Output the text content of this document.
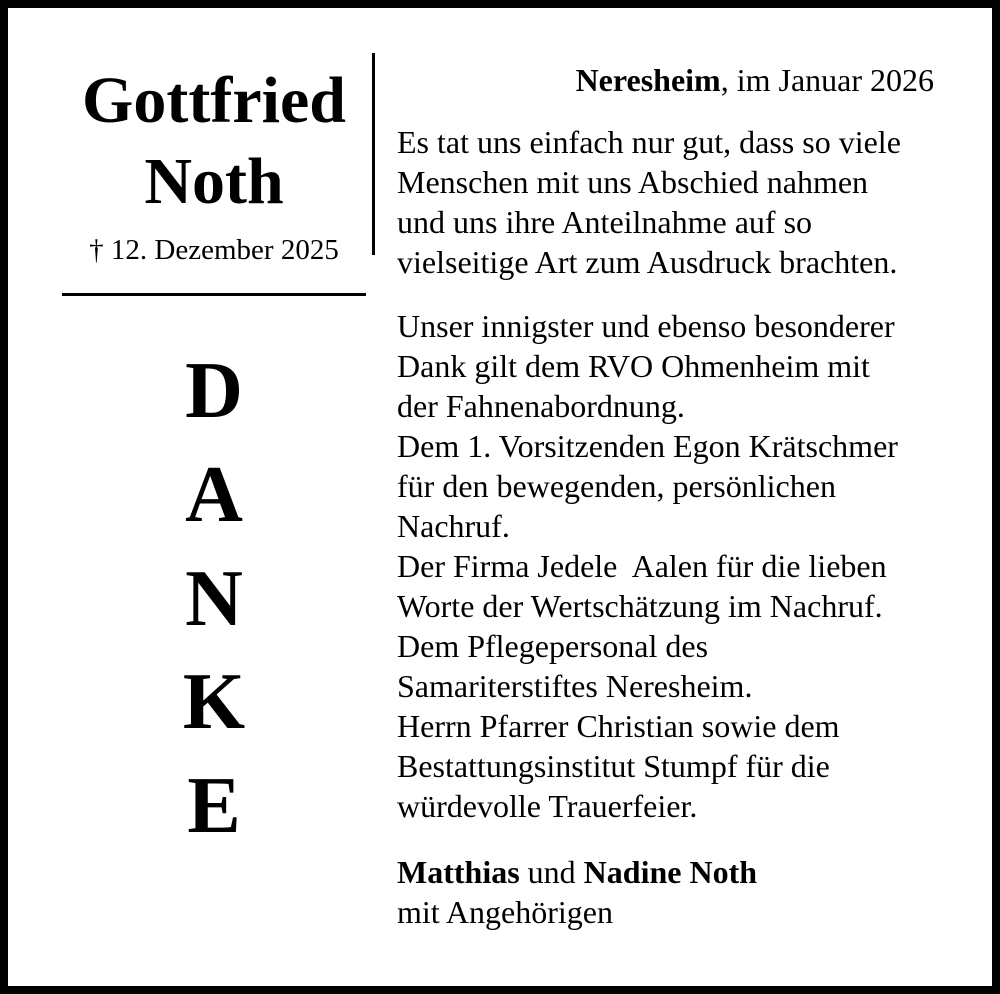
Gottfried
Noth
† 12. Dezember 2025
D
A
N
K
E
Neresheim, im Januar 2026
Es tat uns einfach nur gut, dass so viele
Menschen mit uns Abschied nahmen
und uns ihre Anteilnahme auf so
vielseitige Art zum Ausdruck brachten.
Unser innigster und ebenso besonderer
Dank gilt dem RVO Ohmenheim mit
der Fahnenabordnung.
Dem 1. Vorsitzenden Egon Krätschmer
für den bewegenden, persönlichen
Nachruf.
Der Firma Jedele  Aalen für die lieben
Worte der Wertschätzung im Nachruf.
Dem Pflegepersonal des
Samariterstiftes Neresheim.
Herrn Pfarrer Christian sowie dem
Bestattungsinstitut Stumpf für die
würdevolle Trauerfeier.
Matthias und Nadine Noth
mit Angehörigen
